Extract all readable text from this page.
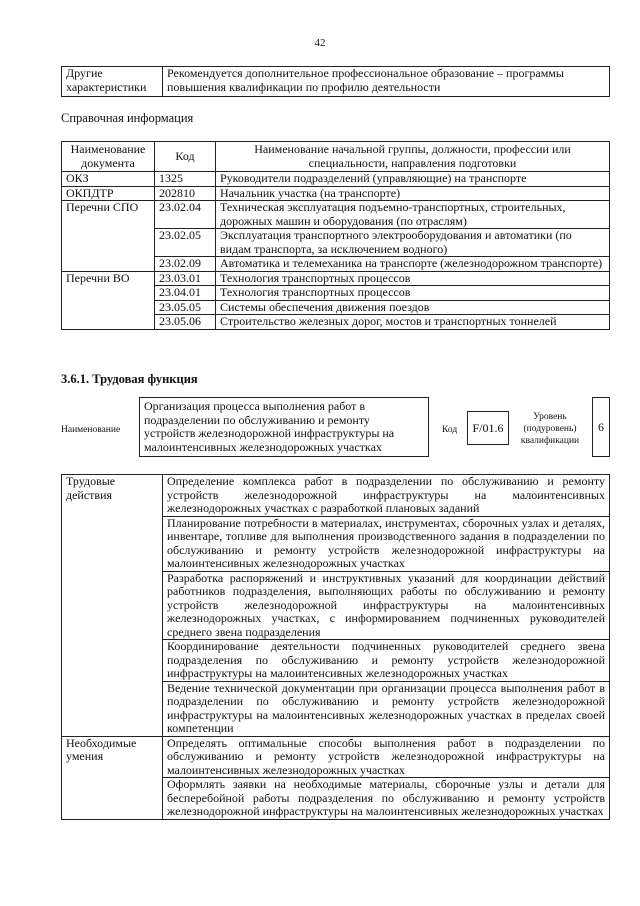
42
Другие характеристики	Рекомендуется дополнительное профессиональное образование – программы повышения квалификации по профилю деятельности
Справочная информация
Наименование документа	Код	Наименование начальной группы, должности, профессии или специальности, направления подготовки
ОКЗ	1325	Руководители подразделений (управляющие) на транспорте
ОКПДТР	202810	Начальник участка (на транспорте)
Перечни СПО	23.02.04	Техническая эксплуатация подъемно-транспортных, строительных, дорожных машин и оборудования (по отраслям)
	23.02.05	Эксплуатация транспортного электрооборудования и автоматики (по видам транспорта, за исключением водного)
	23.02.09	Автоматика и телемеханика на транспорте (железнодорожном транспорте)
Перечни ВО	23.03.01	Технология транспортных процессов
	23.04.01	Технология транспортных процессов
	23.05.05	Системы обеспечения движения поездов
	23.05.06	Строительство железных дорог, мостов и транспортных тоннелей
3.6.1. Трудовая функция
Наименование
Организация процесса выполнения работ в подразделении по обслуживанию и ремонту устройств железнодорожной инфраструктуры на малоинтенсивных железнодорожных участках
Код	F/01.6
Уровень (подуровень) квалификации
6
Трудовые действия	Определение комплекса работ в подразделении по обслуживанию и ремонту устройств железнодорожной инфраструктуры на малоинтенсивных железнодорожных участках с разработкой плановых заданий
	Планирование потребности в материалах, инструментах, сборочных узлах и деталях, инвентаре, топливе для выполнения производственного задания в подразделении по обслуживанию и ремонту устройств железнодорожной инфраструктуры на малоинтенсивных железнодорожных участках
	Разработка распоряжений и инструктивных указаний для координации действий работников подразделения, выполняющих работы по обслуживанию и ремонту устройств железнодорожной инфраструктуры на малоинтенсивных железнодорожных участках, с информированием подчиненных руководителей среднего звена подразделения
	Координирование деятельности подчиненных руководителей среднего звена подразделения по обслуживанию и ремонту устройств железнодорожной инфраструктуры на малоинтенсивных железнодорожных участках
	Ведение технической документации при организации процесса выполнения работ в подразделении по обслуживанию и ремонту устройств железнодорожной инфраструктуры на малоинтенсивных железнодорожных участках в пределах своей компетенции
Необходимые умения	Определять оптимальные способы выполнения работ в подразделении по обслуживанию и ремонту устройств железнодорожной инфраструктуры на малоинтенсивных железнодорожных участках
	Оформлять заявки на необходимые материалы, сборочные узлы и детали для бесперебойной работы подразделения по обслуживанию и ремонту устройств железнодорожной инфраструктуры на малоинтенсивных железнодорожных участках
